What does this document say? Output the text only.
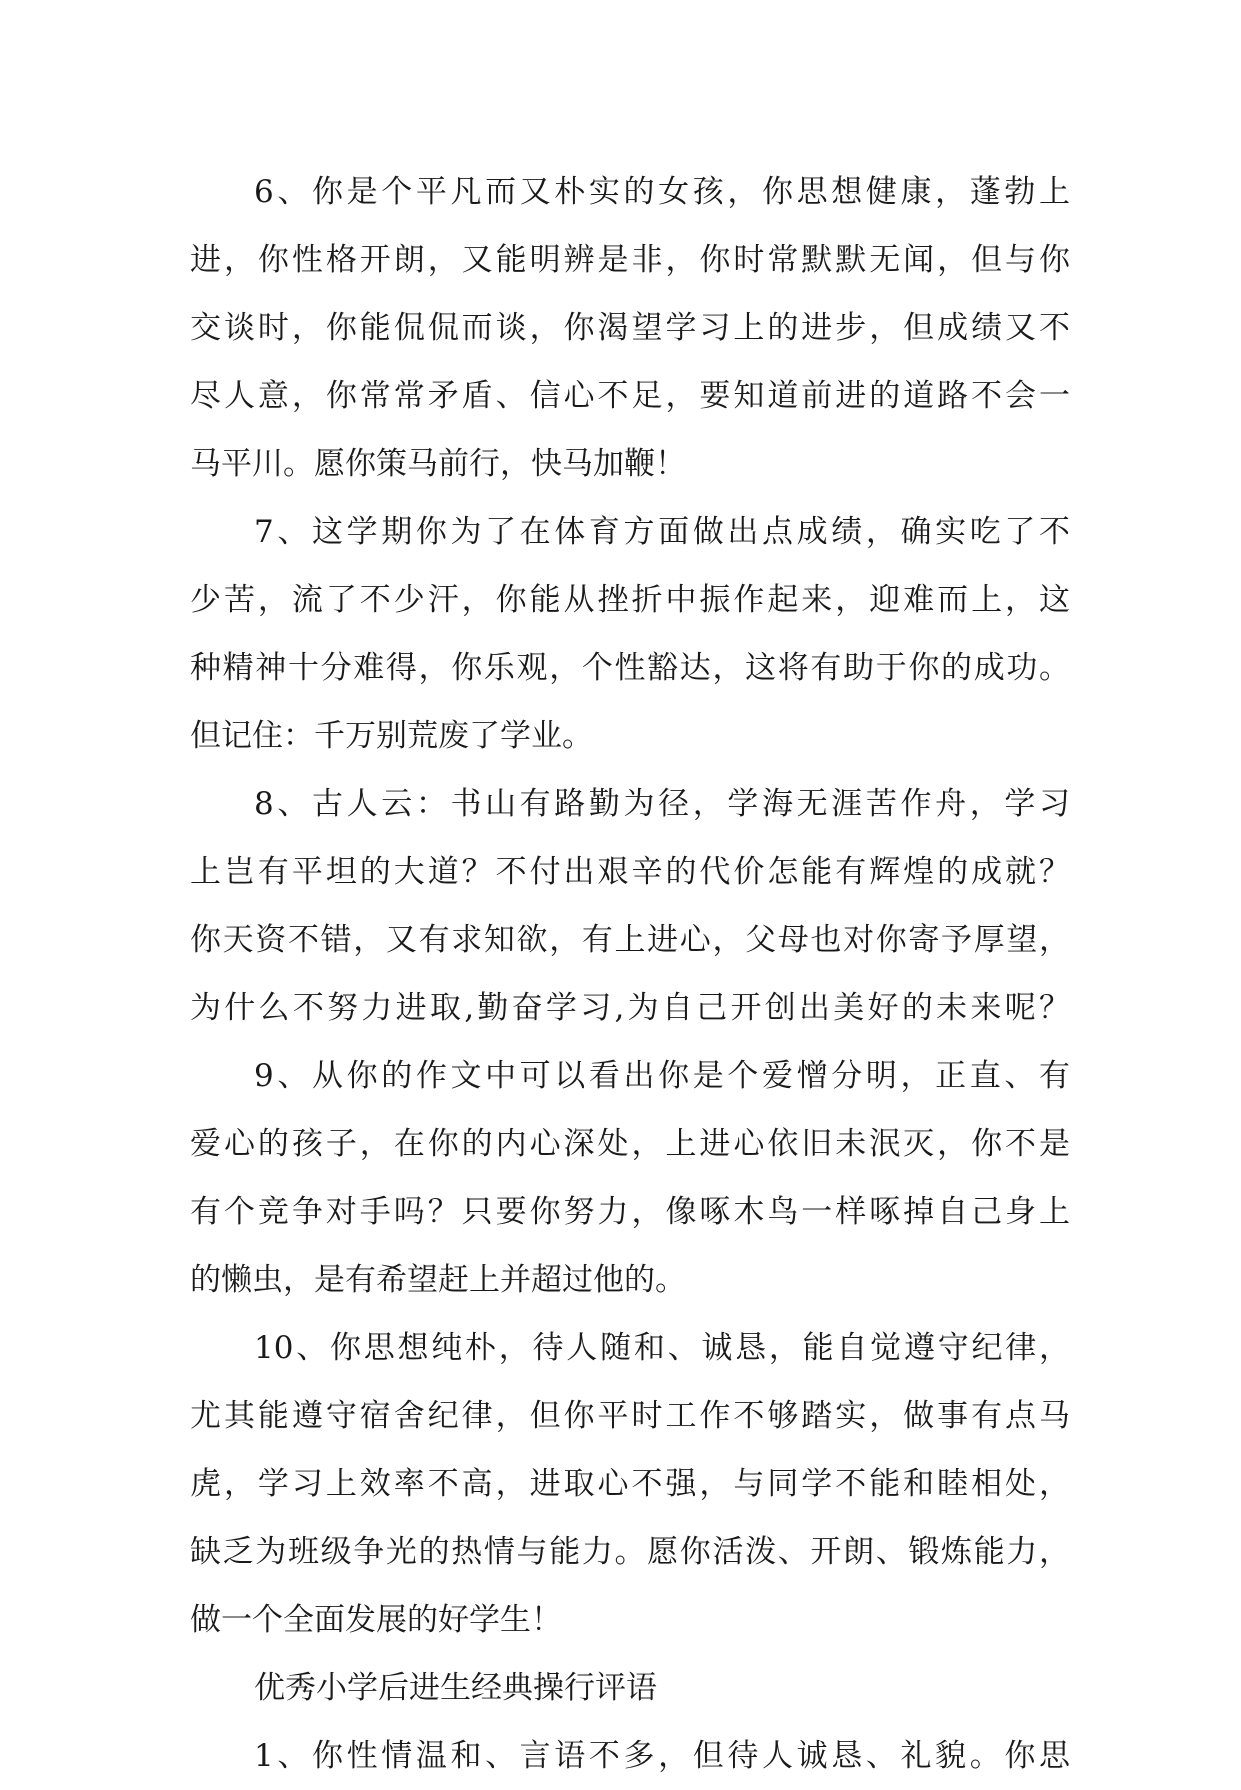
6、你是个平凡而又朴实的女孩，你思想健康，蓬勃上
进，你性格开朗，又能明辨是非，你时常默默无闻，但与你
交谈时，你能侃侃而谈，你渴望学习上的进步，但成绩又不
尽人意，你常常矛盾、信心不足，要知道前进的道路不会一
马平川。愿你策马前行，快马加鞭！
7、这学期你为了在体育方面做出点成绩，确实吃了不
少苦，流了不少汗，你能从挫折中振作起来，迎难而上，这
种精神十分难得，你乐观，个性豁达，这将有助于你的成功。
但记住：千万别荒废了学业。
8、古人云：书山有路勤为径，学海无涯苦作舟，学习
上岂有平坦的大道？不付出艰辛的代价怎能有辉煌的成就？
你天资不错，又有求知欲，有上进心，父母也对你寄予厚望，
为什么不努力进取,勤奋学习,为自己开创出美好的未来呢？
9、从你的作文中可以看出你是个爱憎分明，正直、有
爱心的孩子，在你的内心深处，上进心依旧未泯灭，你不是
有个竞争对手吗？只要你努力，像啄木鸟一样啄掉自己身上
的懒虫，是有希望赶上并超过他的。
10、你思想纯朴，待人随和、诚恳，能自觉遵守纪律，
尤其能遵守宿舍纪律，但你平时工作不够踏实，做事有点马
虎，学习上效率不高，进取心不强，与同学不能和睦相处，
缺乏为班级争光的热情与能力。愿你活泼、开朗、锻炼能力，
做一个全面发展的好学生！
优秀小学后进生经典操行评语
1、你性情温和、言语不多，但待人诚恳、礼貌。你思
